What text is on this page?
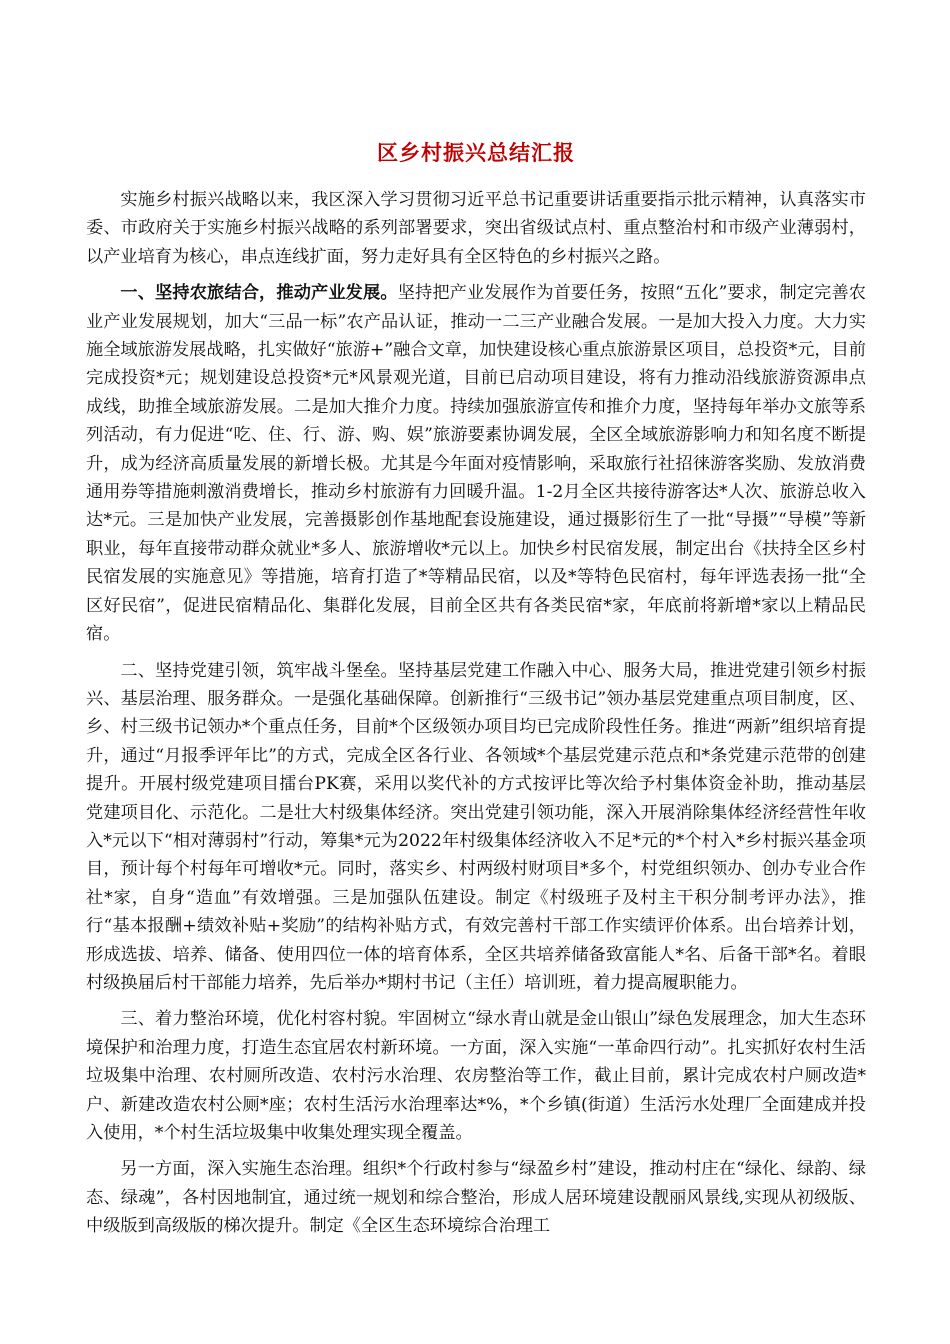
区乡村振兴总结汇报

实施乡村振兴战略以来，我区深入学习贯彻习近平总书记重要讲话重要指示批示精神，认真落实市委、市政府关于实施乡村振兴战略的系列部署要求，突出省级试点村、重点整治村和市级产业薄弱村，以产业培育为核心，串点连线扩面，努力走好具有全区特色的乡村振兴之路。

一、坚持农旅结合，推动产业发展。坚持把产业发展作为首要任务，按照“五化”要求，制定完善农业产业发展规划，加大“三品一标”农产品认证，推动一二三产业融合发展。一是加大投入力度。大力实施全域旅游发展战略，扎实做好“旅游+”融合文章，加快建设核心重点旅游景区项目，总投资*元，目前完成投资*元；规划建设总投资*元*风景观光道，目前已启动项目建设，将有力推动沿线旅游资源串点成线，助推全域旅游发展。二是加大推介力度。持续加强旅游宣传和推介力度，坚持每年举办文旅等系列活动，有力促进“吃、住、行、游、购、娱”旅游要素协调发展，全区全域旅游影响力和知名度不断提升，成为经济高质量发展的新增长极。尤其是今年面对疫情影响，采取旅行社招徕游客奖励、发放消费通用券等措施刺激消费增长，推动乡村旅游有力回暖升温。1-2月全区共接待游客达*人次、旅游总收入达*元。三是加快产业发展，完善摄影创作基地配套设施建设，通过摄影衍生了一批“导摄”“导模”等新职业，每年直接带动群众就业*多人、旅游增收*元以上。加快乡村民宿发展，制定出台《扶持全区乡村民宿发展的实施意见》等措施，培育打造了*等精品民宿，以及*等特色民宿村，每年评选表扬一批“全区好民宿”，促进民宿精品化、集群化发展，目前全区共有各类民宿*家，年底前将新增*家以上精品民宿。

二、坚持党建引领，筑牢战斗堡垒。坚持基层党建工作融入中心、服务大局，推进党建引领乡村振兴、基层治理、服务群众。一是强化基础保障。创新推行“三级书记”领办基层党建重点项目制度，区、乡、村三级书记领办*个重点任务，目前*个区级领办项目均已完成阶段性任务。推进“两新”组织培育提升，通过“月报季评年比”的方式，完成全区各行业、各领域*个基层党建示范点和*条党建示范带的创建提升。开展村级党建项目擂台PK赛，采用以奖代补的方式按评比等次给予村集体资金补助，推动基层党建项目化、示范化。二是壮大村级集体经济。突出党建引领功能，深入开展消除集体经济经营性年收入*元以下“相对薄弱村”行动，筹集*元为2022年村级集体经济收入不足*元的*个村入*乡村振兴基金项目，预计每个村每年可增收*元。同时，落实乡、村两级村财项目*多个，村党组织领办、创办专业合作社*家，自身“造血”有效增强。三是加强队伍建设。制定《村级班子及村主干积分制考评办法》，推行“基本报酬+绩效补贴+奖励”的结构补贴方式，有效完善村干部工作实绩评价体系。出台培养计划，形成选拔、培养、储备、使用四位一体的培育体系，全区共培养储备致富能人*名、后备干部*名。着眼村级换届后村干部能力培养，先后举办*期村书记（主任）培训班，着力提高履职能力。

三、着力整治环境，优化村容村貌。牢固树立“绿水青山就是金山银山”绿色发展理念，加大生态环境保护和治理力度，打造生态宜居农村新环境。一方面，深入实施“一革命四行动”。扎实抓好农村生活垃圾集中治理、农村厕所改造、农村污水治理、农房整治等工作，截止目前，累计完成农村户厕改造*户、新建改造农村公厕*座；农村生活污水治理率达*%，*个乡镇(街道）生活污水处理厂全面建成并投入使用，*个村生活垃圾集中收集处理实现全覆盖。

另一方面，深入实施生态治理。组织*个行政村参与“绿盈乡村”建设，推动村庄在“绿化、绿韵、绿态、绿魂”，各村因地制宜，通过统一规划和综合整治，形成人居环境建设靓丽风景线,实现从初级版、中级版到高级版的梯次提升。制定《全区生态环境综合治理工
